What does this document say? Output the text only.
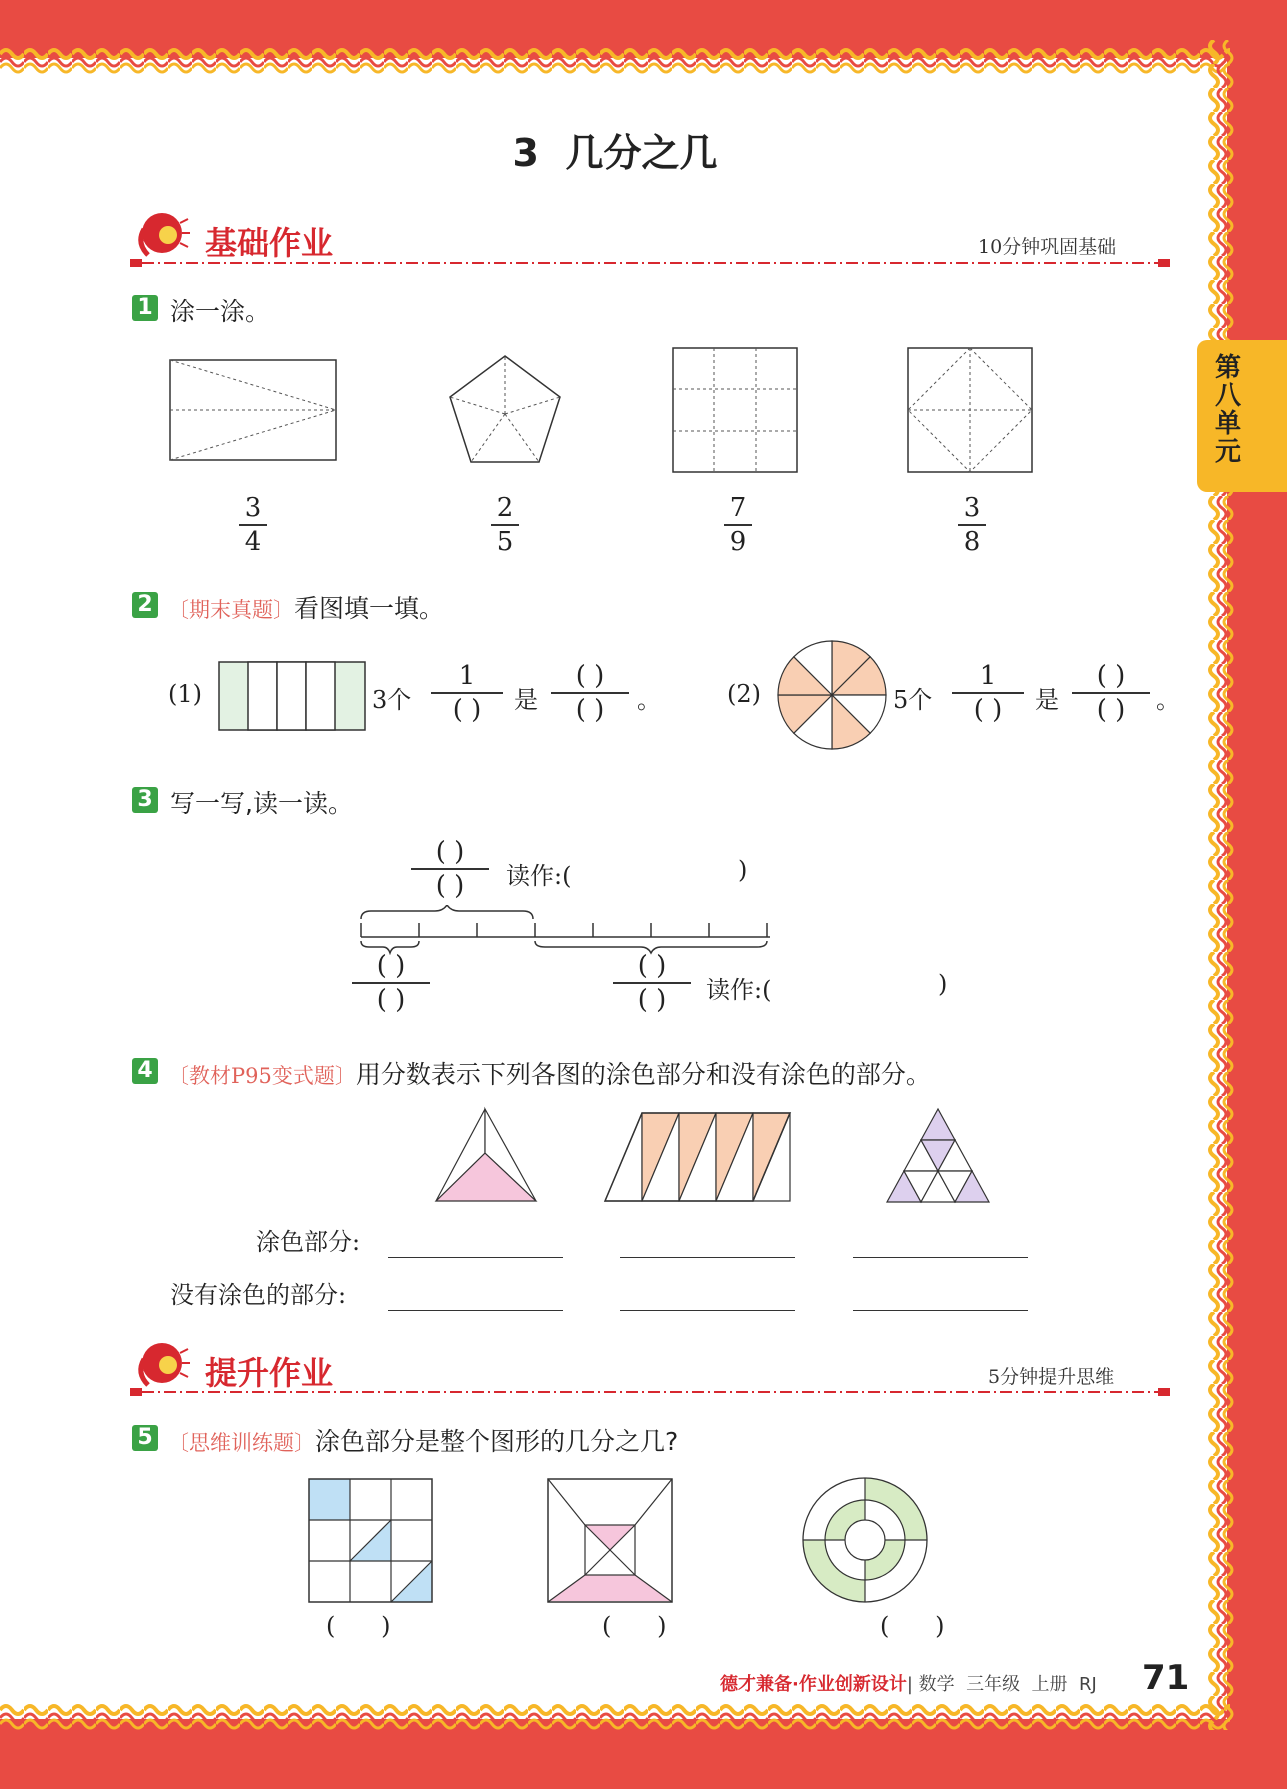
第八单元
3  几分之几
基础作业	10分钟巩固基础
1 涂一涂。
3
4
2
5
7
9
3
8
2 〔期末真题〕看图填一填。
(1)	3个
1
( )	是
( )
( )	。	(2)	5个
1
( )	是
( )
( )	。
3 写一写,读一读。
( )
( )	读作:(	)
( )
( )
( )
( )	读作:(	)
4 〔教材P95变式题〕用分数表示下列各图的涂色部分和没有涂色的部分。
涂色部分:
没有涂色的部分:
提升作业	5分钟提升思维
5 〔思维训练题〕涂色部分是整个图形的几分之几?
(      )	(      )	(      )
德才兼备·作业创新设计| 数学  三年级  上册  RJ 71
